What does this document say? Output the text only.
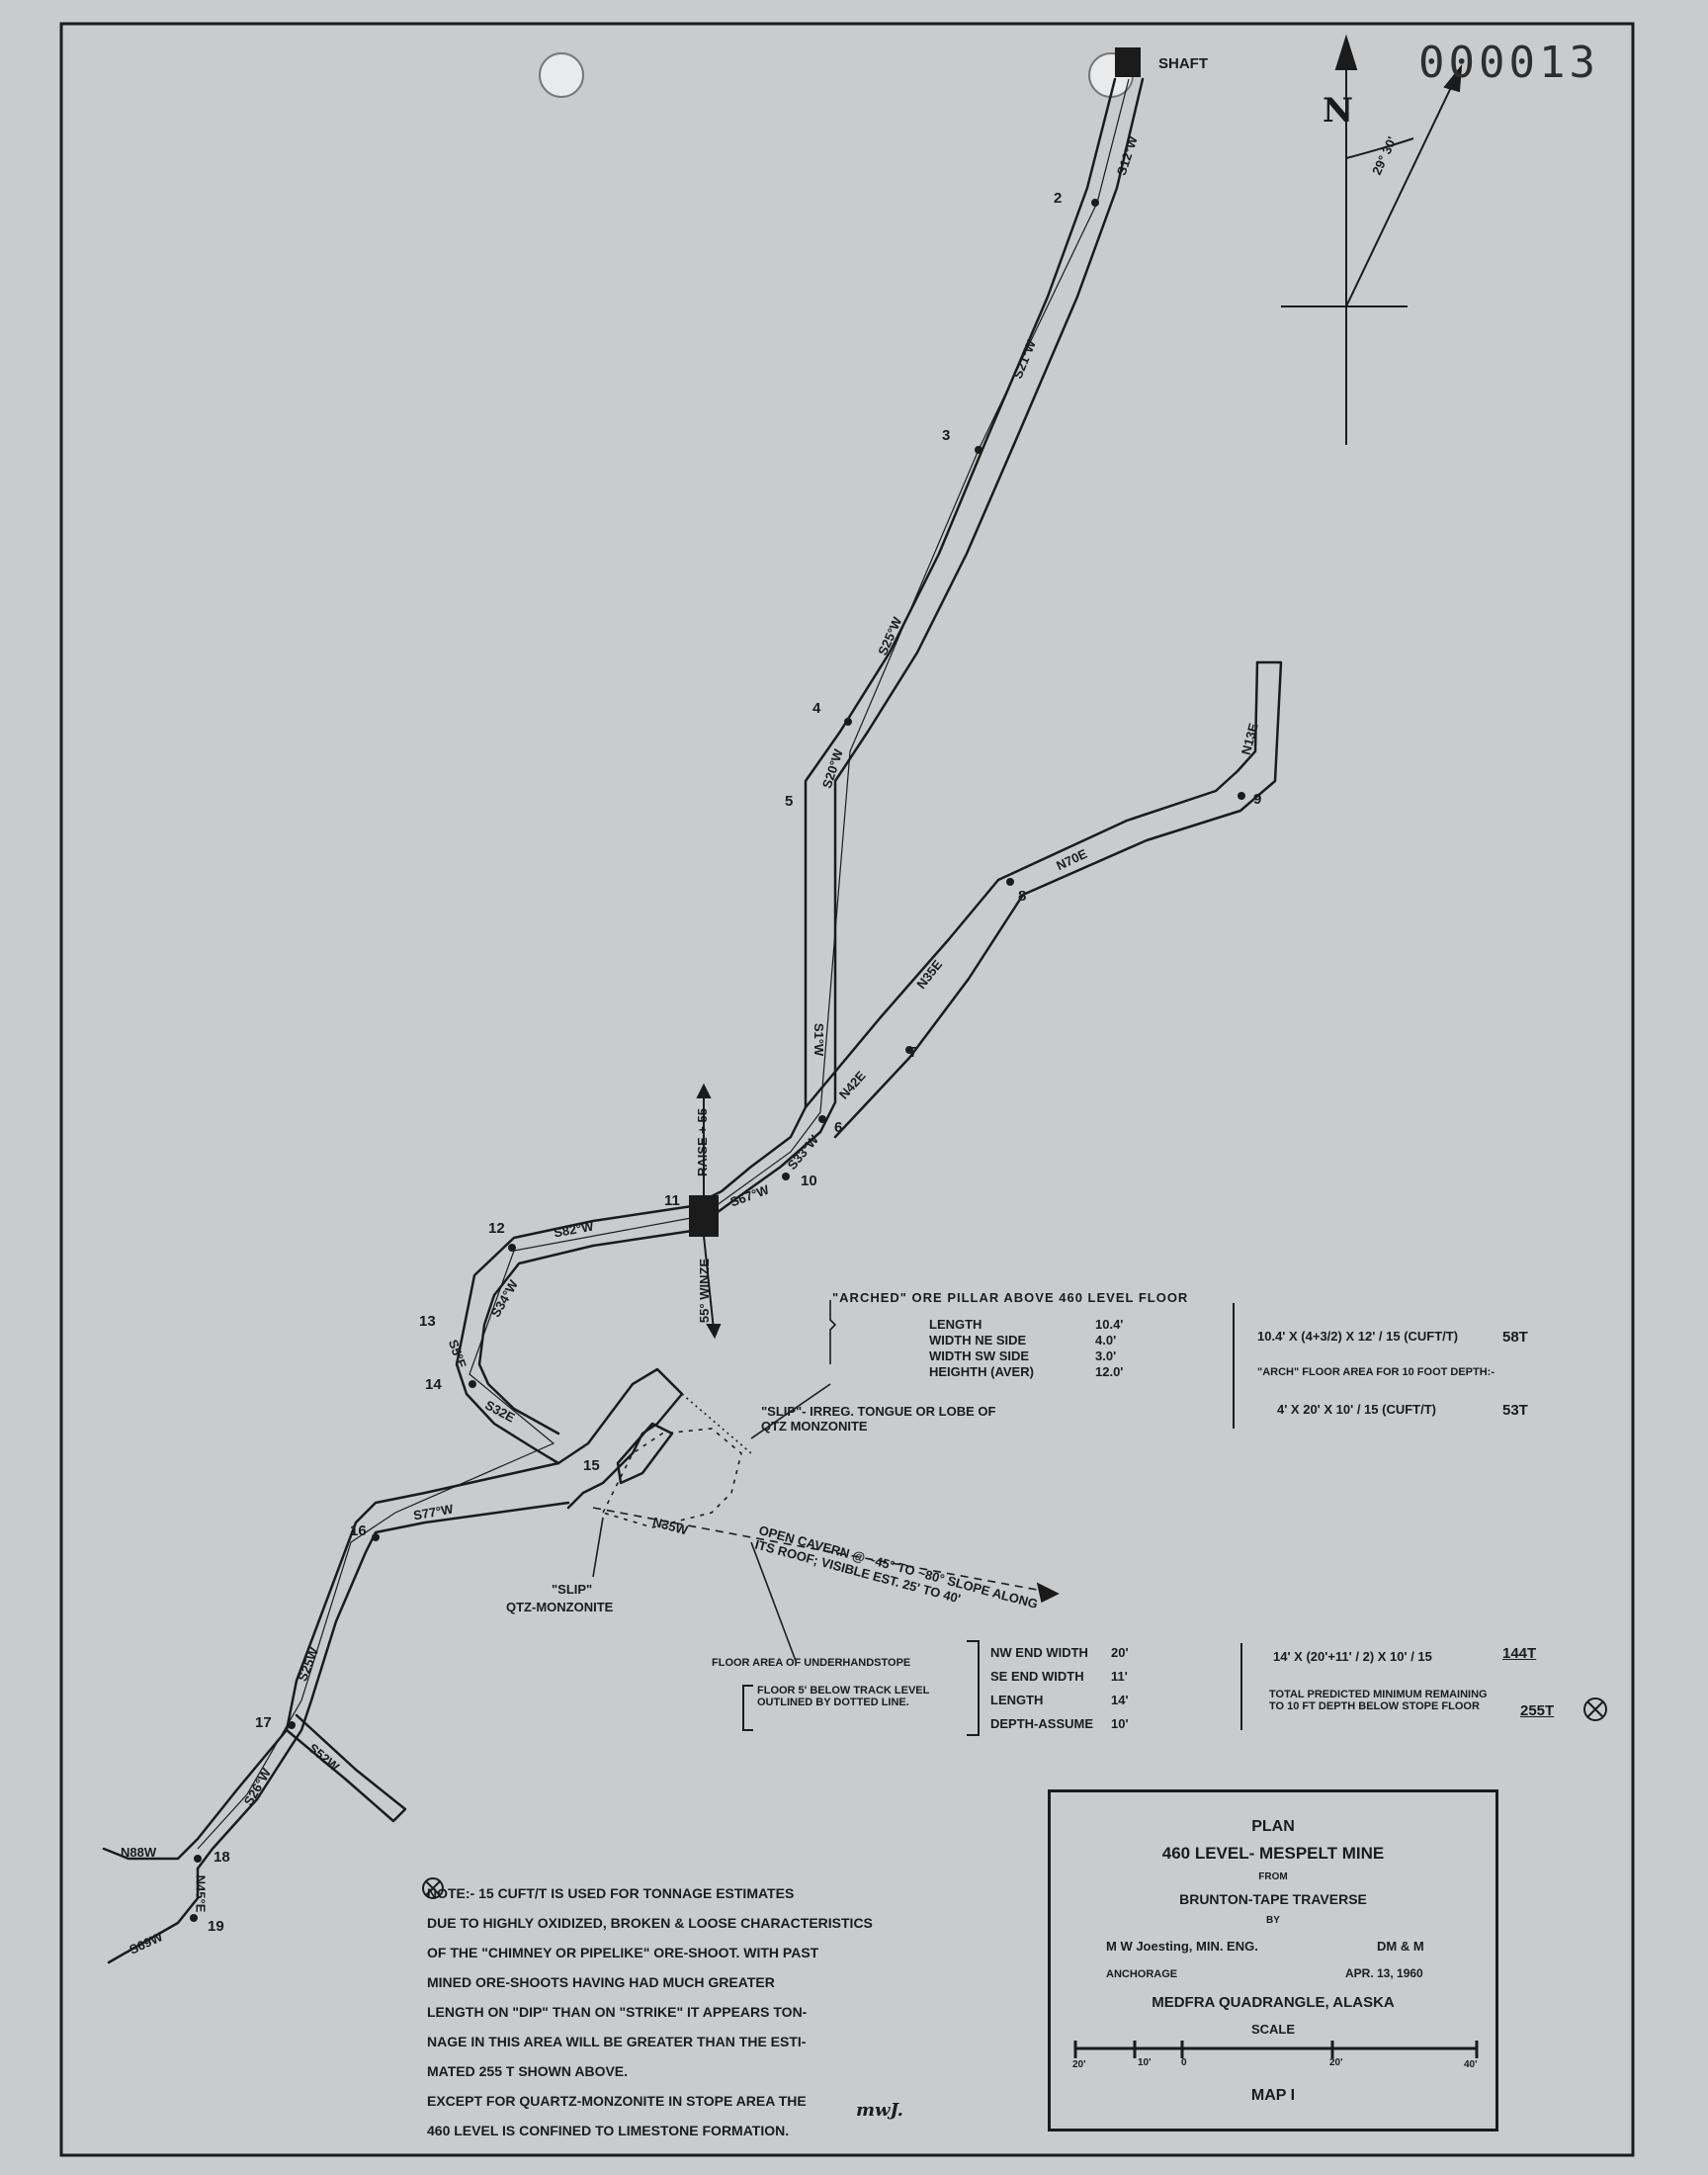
000013
SHAFT
N
29° 30'
2
3
4
5
6
7
8
9
10
11
12
13
14
15
16
17
18
19
S12°W
S21°W
S25°W
S20°W
S1°W
S33°W
N42E
N35E
N70E
N13E
S67°W
S82°W
S34°W
S5°E
S32E
S77°W
S25W
S52W
S26°W
N88W
N45°E
S69W
N35W
RAISE + 55
55° WINZE	"ARCHED" ORE PILLAR ABOVE 460 LEVEL FLOOR
LENGTH	10.4'
WIDTH NE SIDE	4.0'
WIDTH SW SIDE	3.0'
HEIGHTH (AVER)	12.0'
10.4' X (4+3/2) X 12' / 15 (CUFT/T)	58T
"ARCH" FLOOR AREA FOR 10 FOOT DEPTH:-
4' X 20' X 10' / 15 (CUFT/T)	53T
"SLIP"- IRREG. TONGUE OR LOBE OF QTZ MONZONITE
"SLIP"
QTZ-MONZONITE	OPEN CAVERN @ ~45° TO ~80° SLOPE ALONG ITS ROOF; VISIBLE EST. 25' TO 40'
FLOOR AREA OF UNDERHANDSTOPE
FLOOR 5' BELOW TRACK LEVEL OUTLINED BY DOTTED LINE.
NW END WIDTH 20'
SE END WIDTH 11'
LENGTH	14'
DEPTH-ASSUME 10'
14' X (20'+11' / 2) X 10' / 15	144T
TOTAL PREDICTED MINIMUM REMAINING TO 10 FT DEPTH BELOW STOPE FLOOR	255T

NOTE:- 15 CUFT/T IS USED FOR TONNAGE ESTIMATES

DUE TO HIGHLY OXIDIZED, BROKEN & LOOSE CHARACTERISTICS

OF THE "CHIMNEY OR PIPELIKE" ORE-SHOOT. WITH PAST

MINED ORE-SHOOTS HAVING HAD MUCH GREATER

LENGTH ON "DIP" THAN ON "STRIKE" IT APPEARS TON-

NAGE IN THIS AREA WILL BE GREATER THAN THE ESTI-

MATED 255 T SHOWN ABOVE.

EXCEPT FOR QUARTZ-MONZONITE IN STOPE AREA THE

460 LEVEL IS CONFINED TO LIMESTONE FORMATION.

mwJ.
PLAN
460 LEVEL- MESPELT MINE
FROM
BRUNTON-TAPE TRAVERSE
BY
M W Joesting, MIN. ENG.	DM & M
ANCHORAGE	APR. 13, 1960
MEDFRA QUADRANGLE, ALASKA
SCALE
20'	10'	0	20'	40'
MAP I
